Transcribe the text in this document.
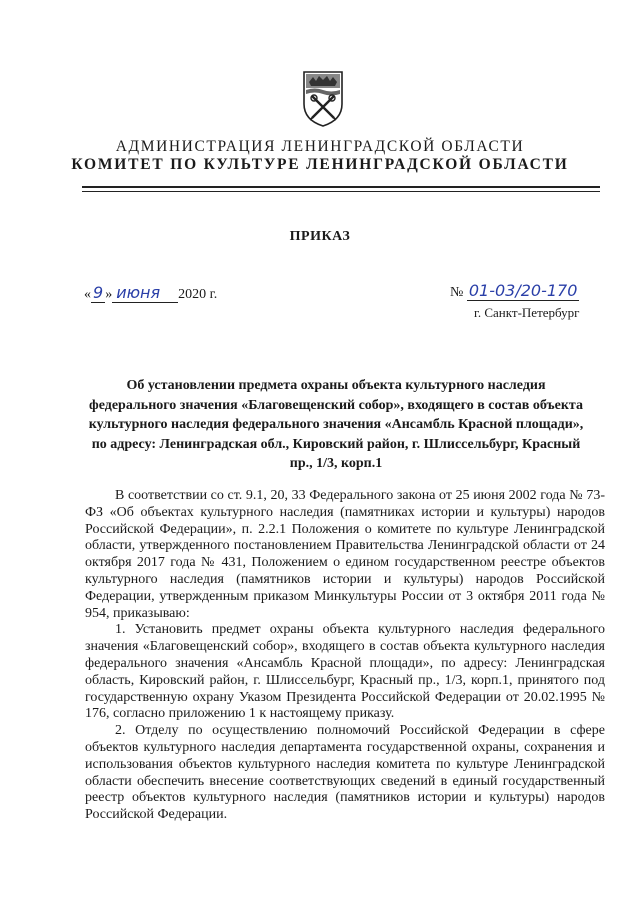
АДМИНИСТРАЦИЯ ЛЕНИНГРАДСКОЙ ОБЛАСТИ
КОМИТЕТ ПО КУЛЬТУРЕ ЛЕНИНГРАДСКОЙ ОБЛАСТИ
ПРИКАЗ
« 9 » июня 2020 г.	№ 01-03/20-170
г. Санкт-Петербург
Об установлении предмета охраны объекта культурного наследия
федерального значения «Благовещенский собор», входящего в состав объекта
культурного наследия федерального значения «Ансамбль Красной площади»,
по адресу: Ленинградская обл., Кировский район, г. Шлиссельбург, Красный
пр., 1/3, корп.1

В соответствии со ст. 9.1, 20, 33 Федерального закона от 25 июня 2002 года № 73-ФЗ «Об объектах культурного наследия (памятниках истории и культуры) народов Российской Федерации», п. 2.2.1 Положения о комитете по культуре Ленинградской области, утвержденного постановлением Правительства Ленинградской области от 24 октября 2017 года № 431, Положением о едином государственном реестре объектов культурного наследия (памятников истории и культуры) народов Российской Федерации, утвержденным приказом Минкультуры России от 3 октября 2011 года № 954, приказываю:

1. Установить предмет охраны объекта культурного наследия федерального значения «Благовещенский собор», входящего в состав объекта культурного наследия федерального значения «Ансамбль Красной площади», по адресу: Ленинградская область, Кировский район, г. Шлиссельбург, Красный пр., 1/3, корп.1, принятого под государственную охрану Указом Президента Российской Федерации от 20.02.1995 № 176, согласно приложению 1 к настоящему приказу.

2. Отделу по осуществлению полномочий Российской Федерации в сфере объектов культурного наследия департамента государственной охраны, сохранения и использования объектов культурного наследия комитета по культуре Ленинградской области обеспечить внесение соответствующих сведений в единый государственный реестр объектов культурного наследия (памятников истории и культуры) народов Российской Федерации.
